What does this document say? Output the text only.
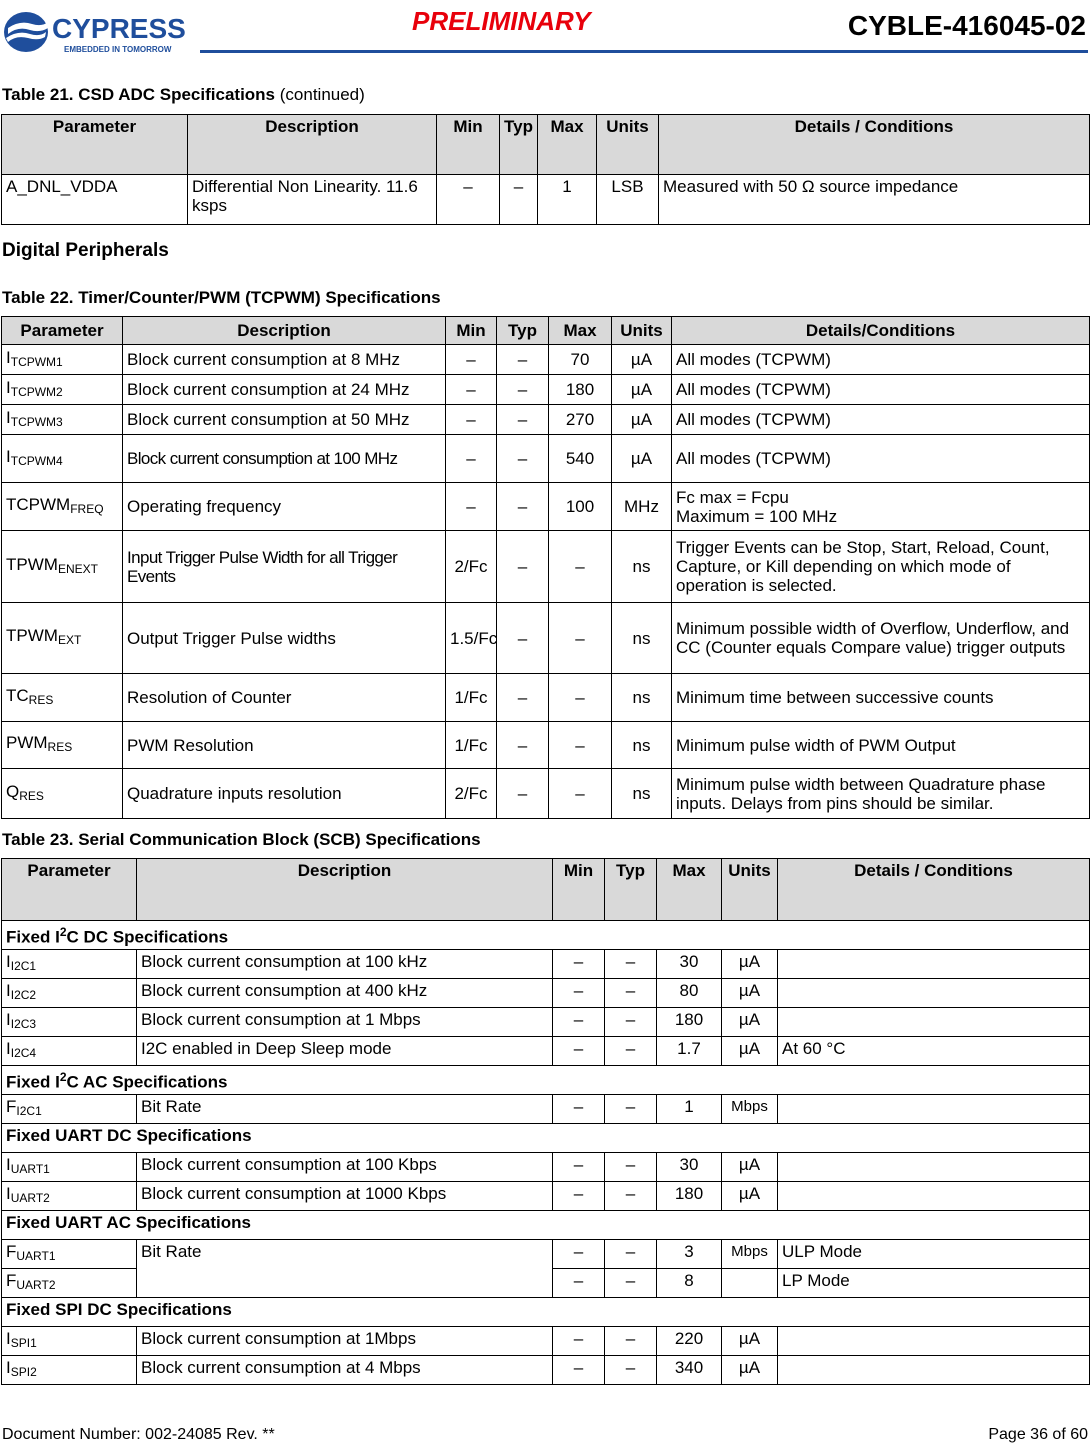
CYPRESS
EMBEDDED IN TOMORROW
PRELIMINARY	CYBLE-416045-02
Table 21. CSD ADC Specifications (continued)
Parameter	Description	Min	Typ	Max	Units	Details / Conditions
A_DNL_VDDA	Differential Non Linearity. 11.6 ksps	–	–	1	LSB	Measured with 50 Ω source impedance
Digital Peripherals
Table 22. Timer/Counter/PWM (TCPWM) Specifications
Parameter	Description	Min	Typ	Max	Units	Details/Conditions
$I_{TCPWM1}$	Block current consumption at 8 MHz	–	–	70	µA	All modes (TCPWM)
$I_{TCPWM2}$	Block current consumption at 24 MHz	–	–	180	µA	All modes (TCPWM)
$I_{TCPWM3}$	Block current consumption at 50 MHz	–	–	270	µA	All modes (TCPWM)
$I_{TCPWM4}$	Block current consumption at 100 MHz	–	–	540	µA	All modes (TCPWM)
$TCPWM_{FREQ}$	Operating frequency	–	–	100	MHz	Fc max = Fcpu
Maximum = 100 MHz

$TPWM_{ENEXT}$	Input Trigger Pulse Width for all Trigger Events	2/Fc	–	–	ns	Trigger Events can be Stop, Start, Reload, Count, Capture, or Kill depending on which mode of operation is selected.
$TPWM_{EXT}$	Output Trigger Pulse widths	1.5/Fc	–	–	ns	Minimum possible width of Overflow, Underflow, and CC (Counter equals Compare value) trigger outputs
$TC_{RES}$	Resolution of Counter	1/Fc	–	–	ns	Minimum time between successive counts
$PWM_{RES}$	PWM Resolution	1/Fc	–	–	ns	Minimum pulse width of PWM Output
$Q_{RES}$	Quadrature inputs resolution	2/Fc	–	–	ns	Minimum pulse width between Quadrature phase inputs. Delays from pins should be similar.
Table 23. Serial Communication Block (SCB) Specifications
Parameter	Description	Min	Typ	Max	Units	Details / Conditions
Fixed $I^2C$ DC Specifications						
$I_{I2C1}$	Block current consumption at 100 kHz	–	–	30	µA	
$I_{I2C2}$	Block current consumption at 400 kHz	–	–	80	µA	
$I_{I2C3}$	Block current consumption at 1 Mbps	–	–	180	µA	
$I_{I2C4}$	I2C enabled in Deep Sleep mode	–	–	1.7	µA	At 60 °C
Fixed $I^2C$ AC Specifications						
$F_{I2C1}$	Bit Rate	–	–	1	Mbps	
Fixed UART DC Specifications						
$I_{UART1}$	Block current consumption at 100 Kbps	–	–	30	µA	
$I_{UART2}$	Block current consumption at 1000 Kbps	–	–	180	µA	
Fixed UART AC Specifications						
$F_{UART1}$	Bit Rate	–	–	3	Mbps	ULP Mode
$F_{UART2}$		–	–	8		LP Mode
Fixed SPI DC Specifications						
$I_{SPI1}$	Block current consumption at 1Mbps	–	–	220	µA	
$I_{SPI2}$	Block current consumption at 4 Mbps	–	–	340	µA	
Document Number: 002-24085 Rev. **	Page 36 of 60
